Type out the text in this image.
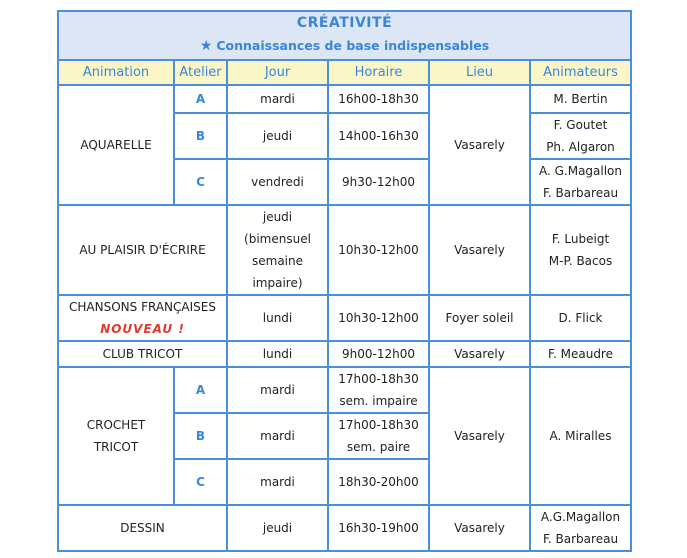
CRÉATIVITÉ
★ Connaissances de base indispensables					

Animation	Atelier	Jour	Horaire	Lieu	Animateurs
AQUARELLE	A	mardi	16h00-18h30	Vasarely	M. Bertin
	B	jeudi	14h00-16h30		F. Goutet
Ph. Algaron

	C	vendredi	9h30-12h00		A. G.Magallon
F. Barbareau

AU PLAISIR D'ÉCRIRE		jeudi (bimensuel
semaine
impaire)	10h30-12h00	Vasarely	F. Lubeigt
M-P. Bacos

CHANSONS FRANÇAISES
NOUVEAU !		lundi	10h30-12h00	Foyer soleil	D. Flick
CLUB TRICOT		lundi	9h00-12h00	Vasarely	F. Meaudre

CROCHET
TRICOT	A	mardi	17h00-18h30
sem. impaire	Vasarely	A. Miralles
	B	mardi	17h00-18h30
sem. paire		

	C	mardi	18h30-20h00		
DESSIN		jeudi	16h30-19h00	Vasarely	A.G.Magallon
F. Barbareau
